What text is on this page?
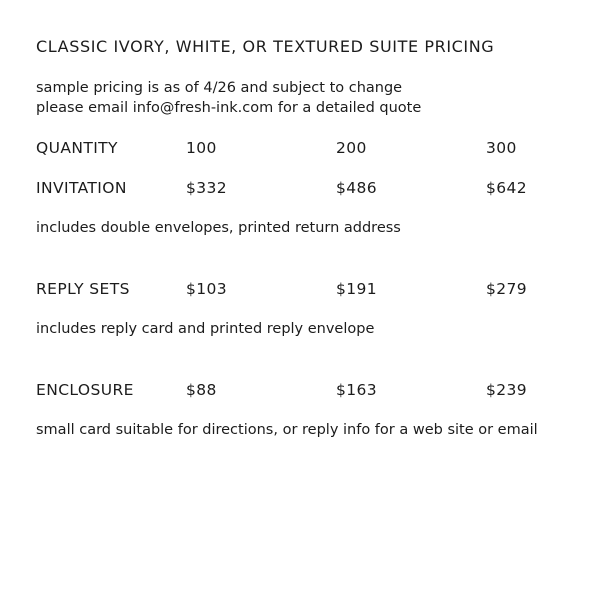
CLASSIC IVORY, WHITE, OR TEXTURED SUITE PRICING
sample pricing is as of 4/26 and subject to change
please email info@fresh-ink.com for a detailed quote
QUANTITY	100	200	300
INVITATION	$332	$486	$642
includes double envelopes, printed return address
REPLY SETS	$103	$191	$279
includes reply card and printed reply envelope
ENCLOSURE	$88	$163	$239
small card suitable for directions, or reply info for a web site or email
